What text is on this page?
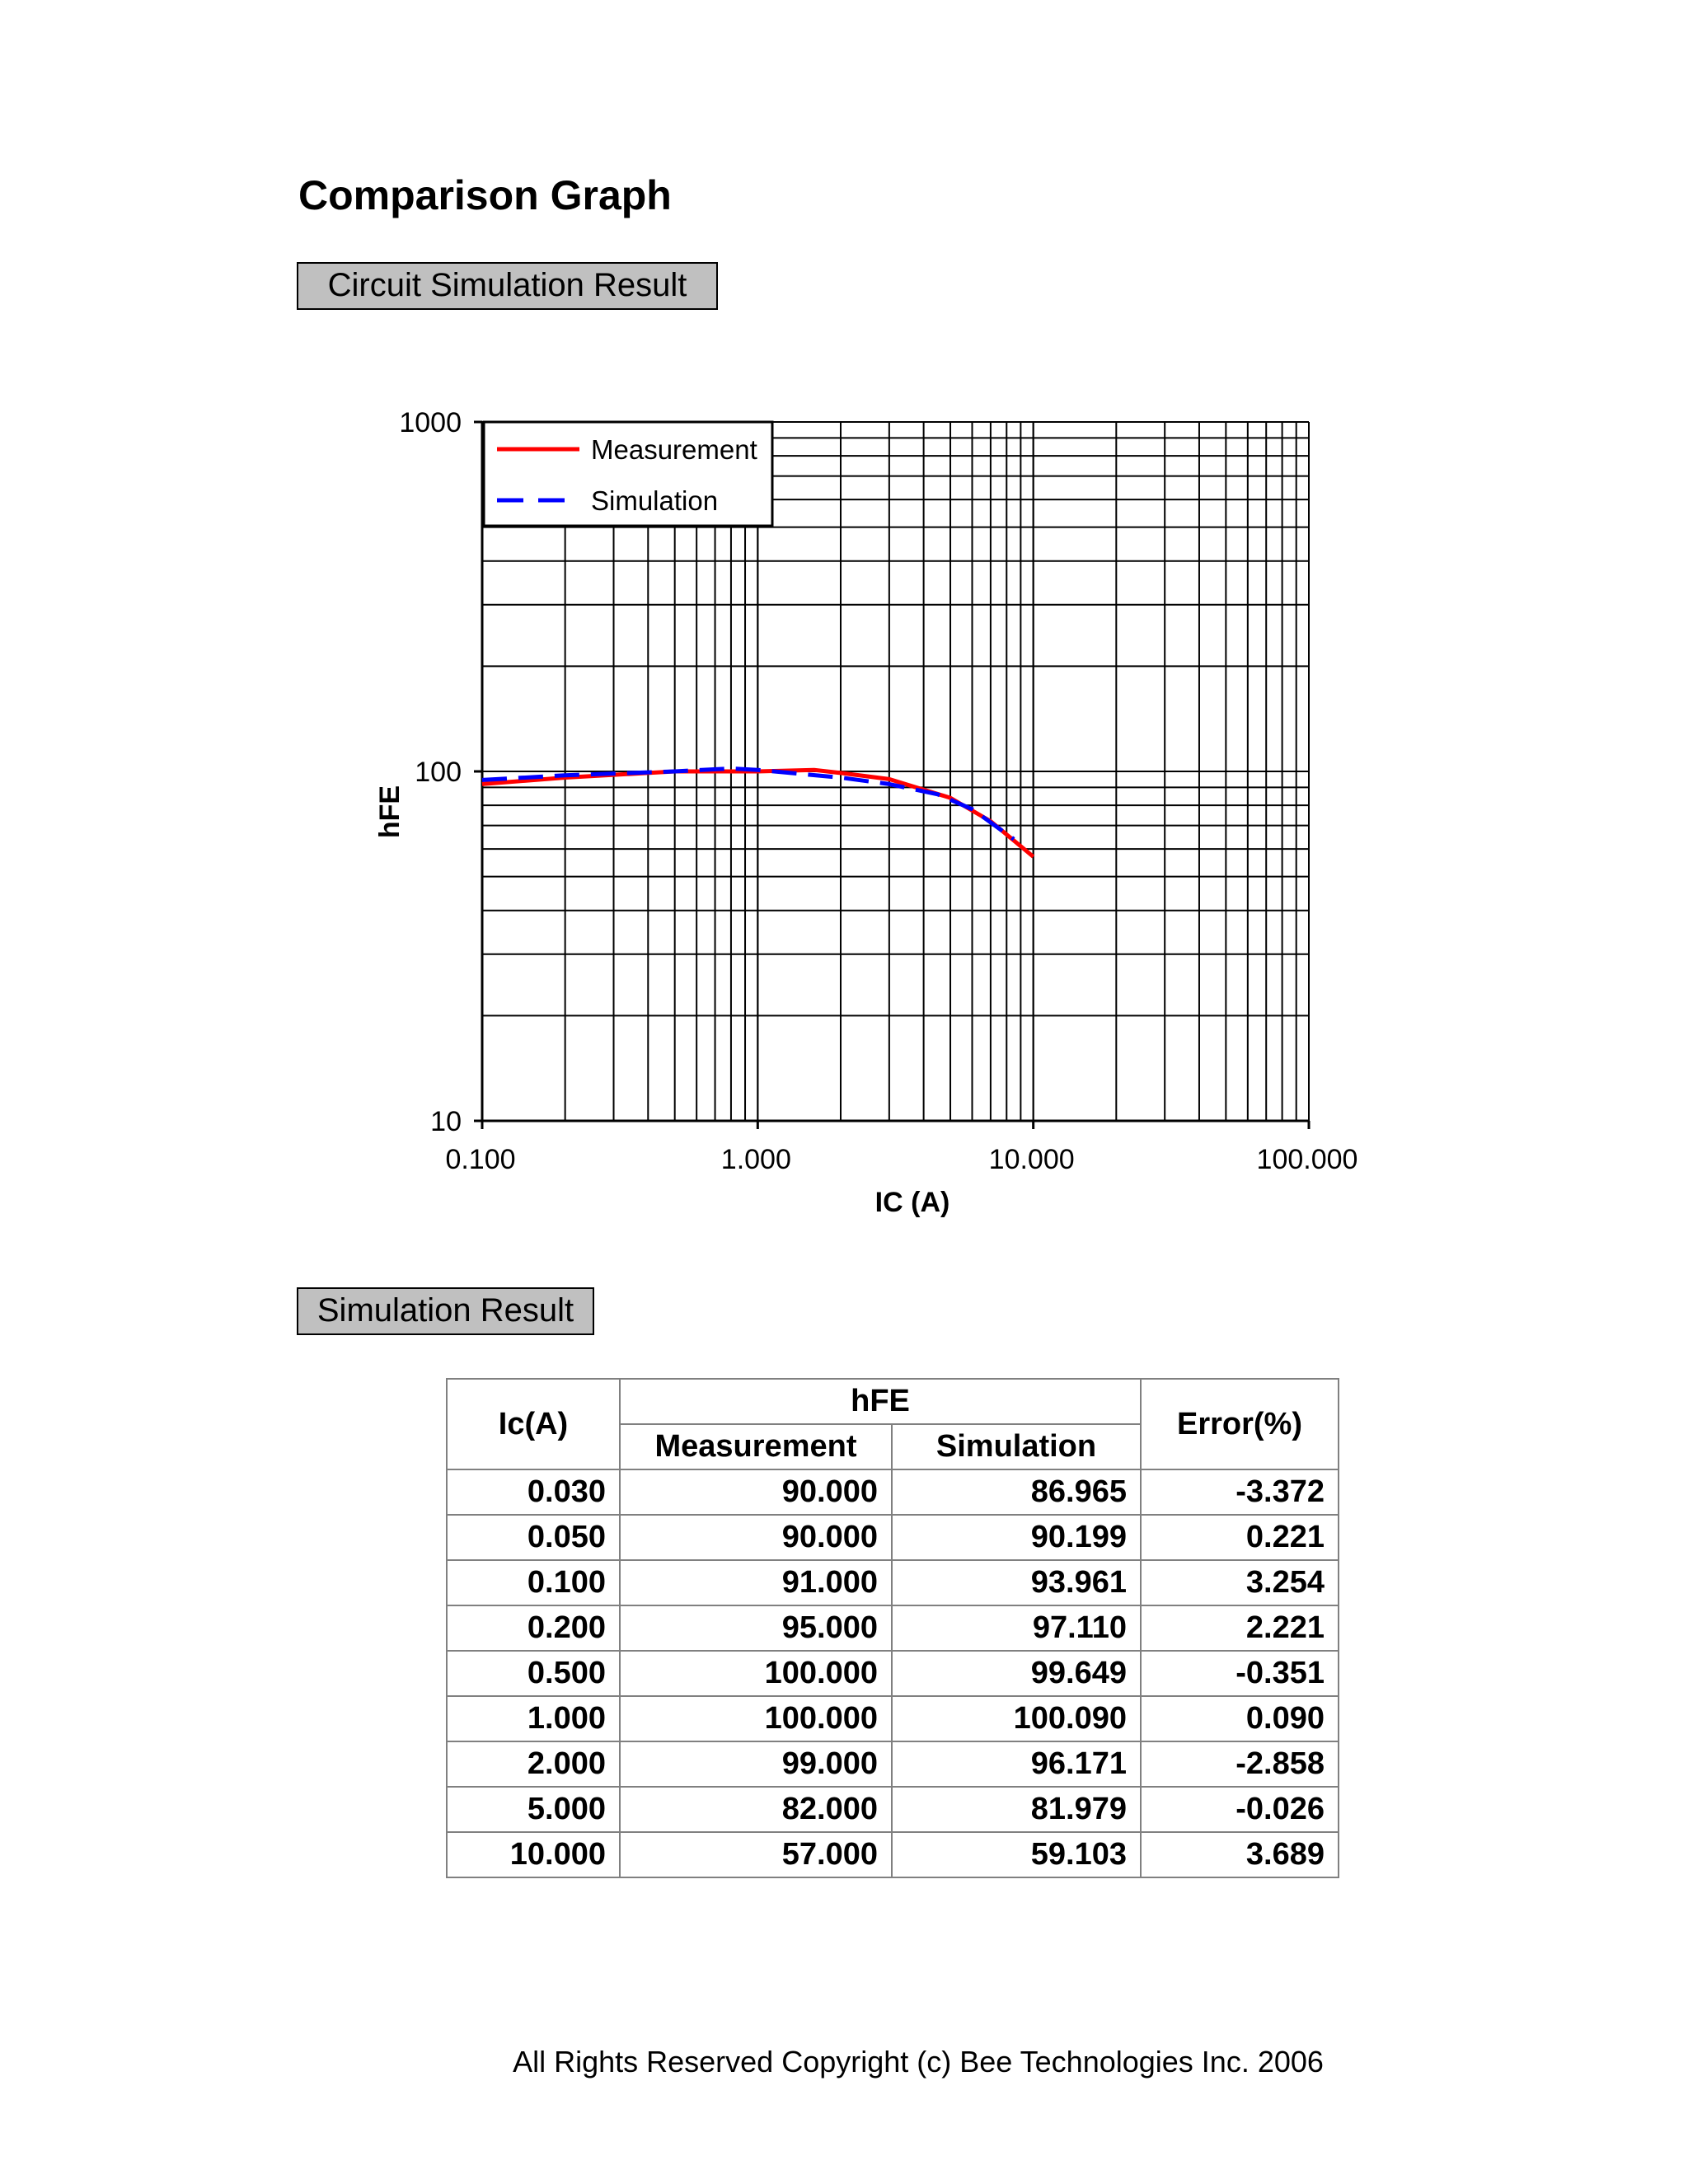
Comparison Graph
Circuit Simulation Result
0.100	1.000	10.000	100.000
10
100
1000
Measurement
Simulation
IC (A)
hFE
Simulation Result
Ic(A)	hFE		Error(%)
	Measurement	Simulation	
0.030	90.000	86.965	-3.372
0.050	90.000	90.199	0.221
0.100	91.000	93.961	3.254
0.200	95.000	97.110	2.221
0.500	100.000	99.649	-0.351
1.000	100.000	100.090	0.090
2.000	99.000	96.171	-2.858
5.000	82.000	81.979	-0.026
10.000	57.000	59.103	3.689
All Rights Reserved Copyright (c) Bee Technologies Inc. 2006
